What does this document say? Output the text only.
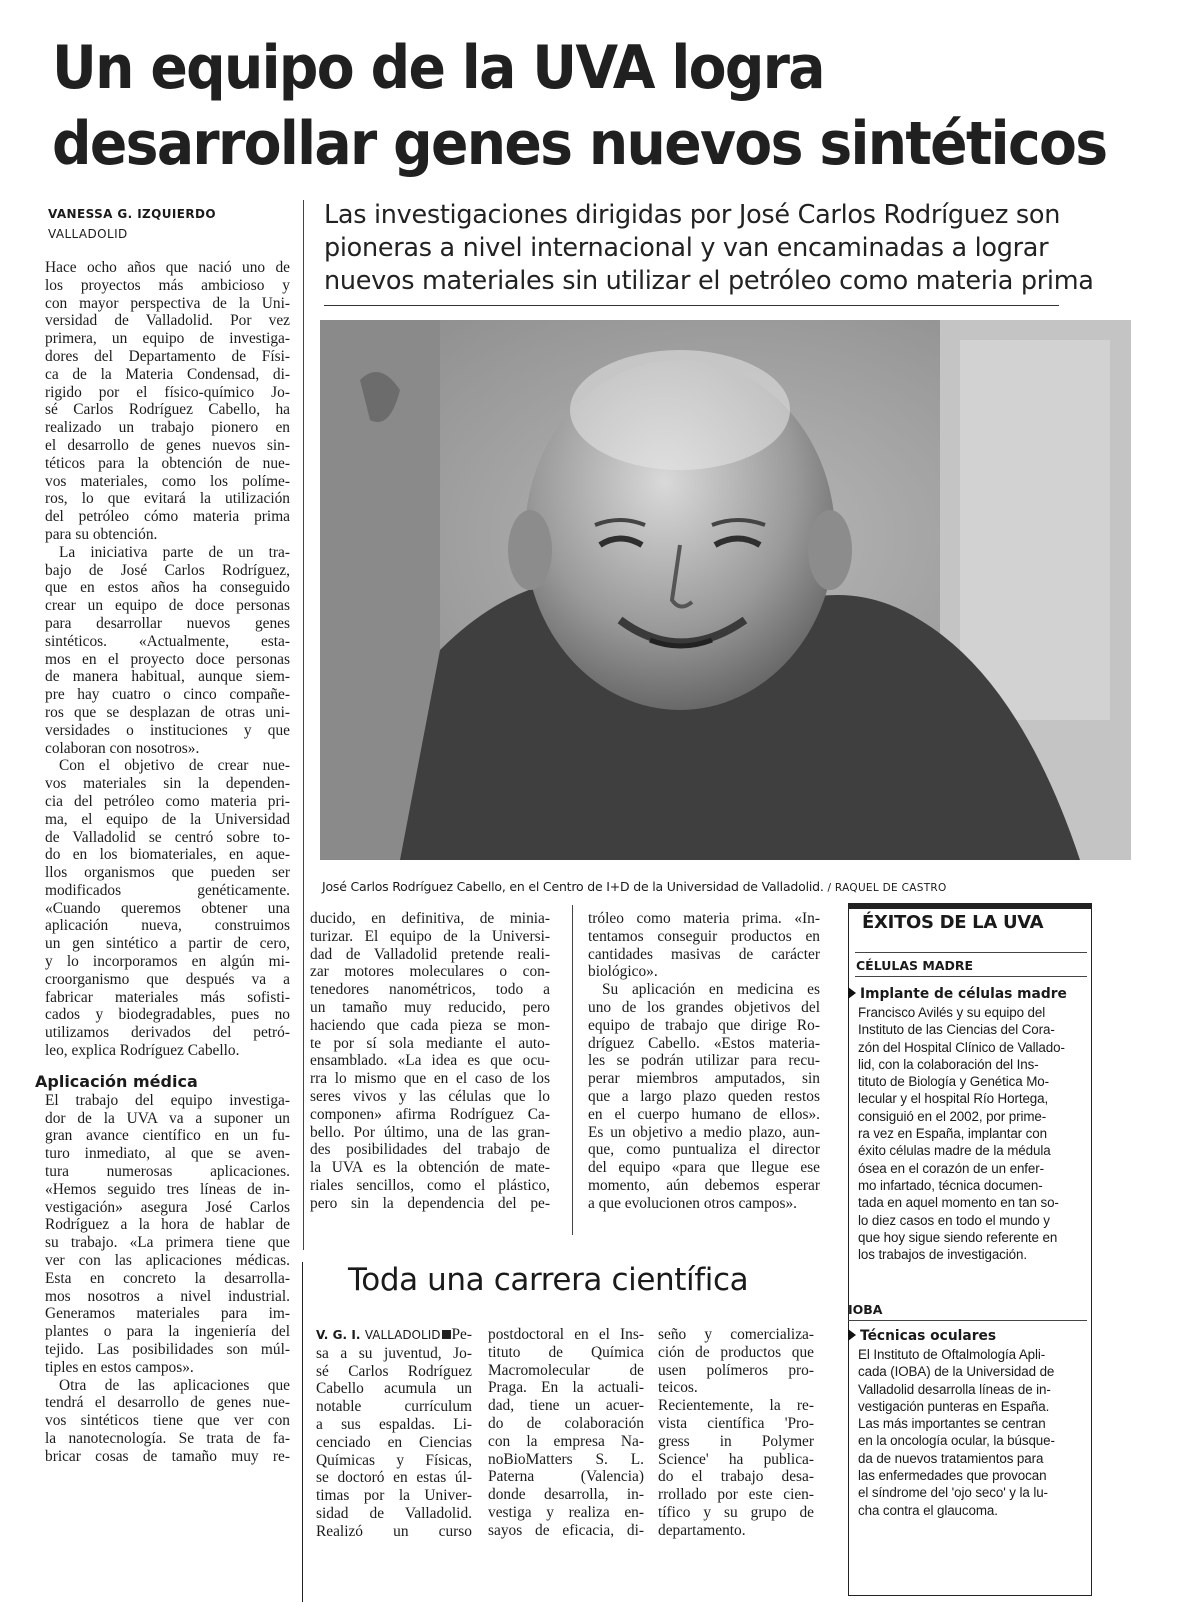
Un equipo de la UVA logra
desarrollar genes nuevos sintéticos
VANESSA G. IZQUIERDO
VALLADOLID
Las investigaciones dirigidas por José Carlos Rodríguez son
pioneras a nivel internacional y van encaminadas a lograr
nuevos materiales sin utilizar el petróleo como materia prima
Hace ocho años que nació uno de
los proyectos más ambicioso y
con mayor perspectiva de la Uni-
versidad de Valladolid. Por vez
primera, un equipo de investiga-
dores del Departamento de Físi-
ca de la Materia Condensad, di-
rigido por el físico-químico Jo-
sé Carlos Rodríguez Cabello, ha
realizado un trabajo pionero en
el desarrollo de genes nuevos sin-
téticos para la obtención de nue-
vos materiales, como los políme-
ros, lo que evitará la utilización
del petróleo cómo materia prima
para su obtención.
La iniciativa parte de un tra-
bajo de José Carlos Rodríguez,
que en estos años ha conseguido
crear un equipo de doce personas
para desarrollar nuevos genes
sintéticos. «Actualmente, esta-
mos en el proyecto doce personas
de manera habitual, aunque siem-
pre hay cuatro o cinco compañe-
ros que se desplazan de otras uni-
versidades o instituciones y que
colaboran con nosotros».
Con el objetivo de crear nue-
vos materiales sin la dependen-
cia del petróleo como materia pri-
ma, el equipo de la Universidad
de Valladolid se centró sobre to-
do en los biomateriales, en aque-
llos organismos que pueden ser
modificados genéticamente.
«Cuando queremos obtener una
aplicación nueva, construimos
un gen sintético a partir de cero,
y lo incorporamos en algún mi-
croorganismo que después va a
fabricar materiales más sofisti-
cados y biodegradables, pues no
utilizamos derivados del petró-
leo, explica Rodríguez Cabello.
Aplicación médica
El trabajo del equipo investiga-
dor de la UVA va a suponer un
gran avance científico en un fu-
turo inmediato, al que se aven-
tura numerosas aplicaciones.
«Hemos seguido tres líneas de in-
vestigación» asegura José Carlos
Rodríguez a la hora de hablar de
su trabajo. «La primera tiene que
ver con las aplicaciones médicas.
Esta en concreto la desarrolla-
mos nosotros a nivel industrial.
Generamos materiales para im-
plantes o para la ingeniería del
tejido. Las posibilidades son múl-
tiples en estos campos».
Otra de las aplicaciones que
tendrá el desarrollo de genes nue-
vos sintéticos tiene que ver con
la nanotecnología. Se trata de fa-
bricar cosas de tamaño muy re-
José Carlos Rodríguez Cabello, en el Centro de I+D de la Universidad de Valladolid. / RAQUEL DE CASTRO
ducido, en definitiva, de minia-
turizar. El equipo de la Universi-
dad de Valladolid pretende reali-
zar motores moleculares o con-
tenedores nanométricos, todo a
un tamaño muy reducido, pero
haciendo que cada pieza se mon-
te por sí sola mediante el auto-
ensamblado. «La idea es que ocu-
rra lo mismo que en el caso de los
seres vivos y las células que lo
componen» afirma Rodríguez Ca-
bello. Por último, una de las gran-
des posibilidades del trabajo de
la UVA es la obtención de mate-
riales sencillos, como el plástico,
pero sin la dependencia del pe-
tróleo como materia prima. «In-
tentamos conseguir productos en
cantidades masivas de carácter
biológico».
Su aplicación en medicina es
uno de los grandes objetivos del
equipo de trabajo que dirige Ro-
dríguez Cabello. «Estos materia-
les se podrán utilizar para recu-
perar miembros amputados, sin
que a largo plazo queden restos
en el cuerpo humano de ellos».
Es un objetivo a medio plazo, aun-
que, como puntualiza el director
del equipo «para que llegue ese
momento, aún debemos esperar
a que evolucionen otros campos».
ÉXITOS DE LA UVA
CÉLULAS MADRE
Implante de células madre
Francisco Avilés y su equipo del
Instituto de las Ciencias del Cora-
zón del Hospital Clínico de Vallado-
lid, con la colaboración del Ins-
tituto de Biología y Genética Mo-
lecular y el hospital Río Hortega,
consiguió en el 2002, por prime-
ra vez en España, implantar con
éxito células madre de la médula
ósea en el corazón de un enfer-
mo infartado, técnica documen-
tada en aquel momento en tan so-
lo diez casos en todo el mundo y
que hoy sigue siendo referente en
los trabajos de investigación.
IOBA
Técnicas oculares
El Instituto de Oftalmología Apli-
cada (IOBA) de la Universidad de
Valladolid desarrolla líneas de in-
vestigación punteras en España.
Las más importantes se centran
en la oncología ocular, la búsque-
da de nuevos tratamientos para
las enfermedades que provocan
el síndrome del 'ojo seco' y la lu-
cha contra el glaucoma.
Toda una carrera científica
V. G. I. VALLADOLID Pe-
sa a su juventud, Jo-
sé Carlos Rodríguez
Cabello acumula un
notable currículum
a sus espaldas. Li-
cenciado en Ciencias
Químicas y Físicas,
se doctoró en estas úl-
timas por la Univer-
sidad de Valladolid.
Realizó un curso
postdoctoral en el Ins-
tituto de Química
Macromolecular de
Praga. En la actuali-
dad, tiene un acuer-
do de colaboración
con la empresa Na-
noBioMatters S. L.
Paterna (Valencia)
donde desarrolla, in-
vestiga y realiza en-
sayos de eficacia, di-
seño y comercializa-
ción de productos que
usen polímeros pro-
teicos.
Recientemente, la re-
vista científica 'Pro-
gress in Polymer
Science' ha publica-
do el trabajo desa-
rrollado por este cien-
tífico y su grupo de
departamento.
